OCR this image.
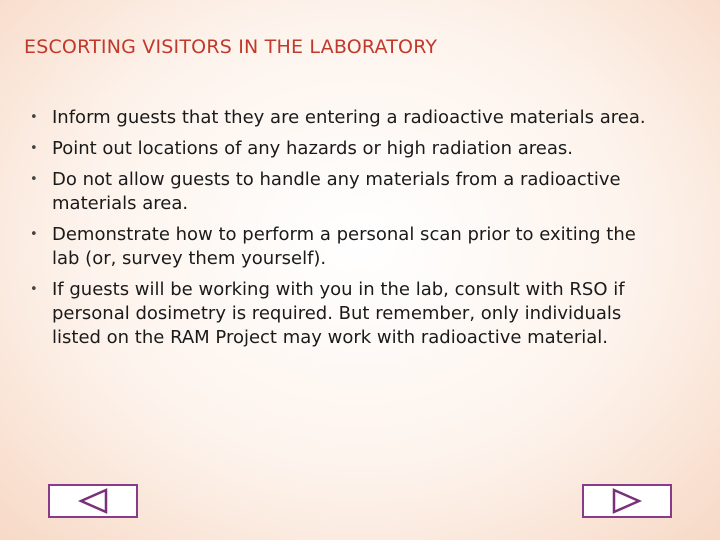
ESCORTING VISITORS IN THE LABORATORY
• Inform guests that they are entering a radioactive materials area.
• Point out locations of any hazards or high radiation areas.
• Do not allow guests to handle any materials from a radioactive materials area.
• Demonstrate how to perform a personal scan prior to exiting the lab (or, survey them yourself).
• If guests will be working with you in the lab, consult with RSO if personal dosimetry is required. But remember, only individuals listed on the RAM Project may work with radioactive material.
